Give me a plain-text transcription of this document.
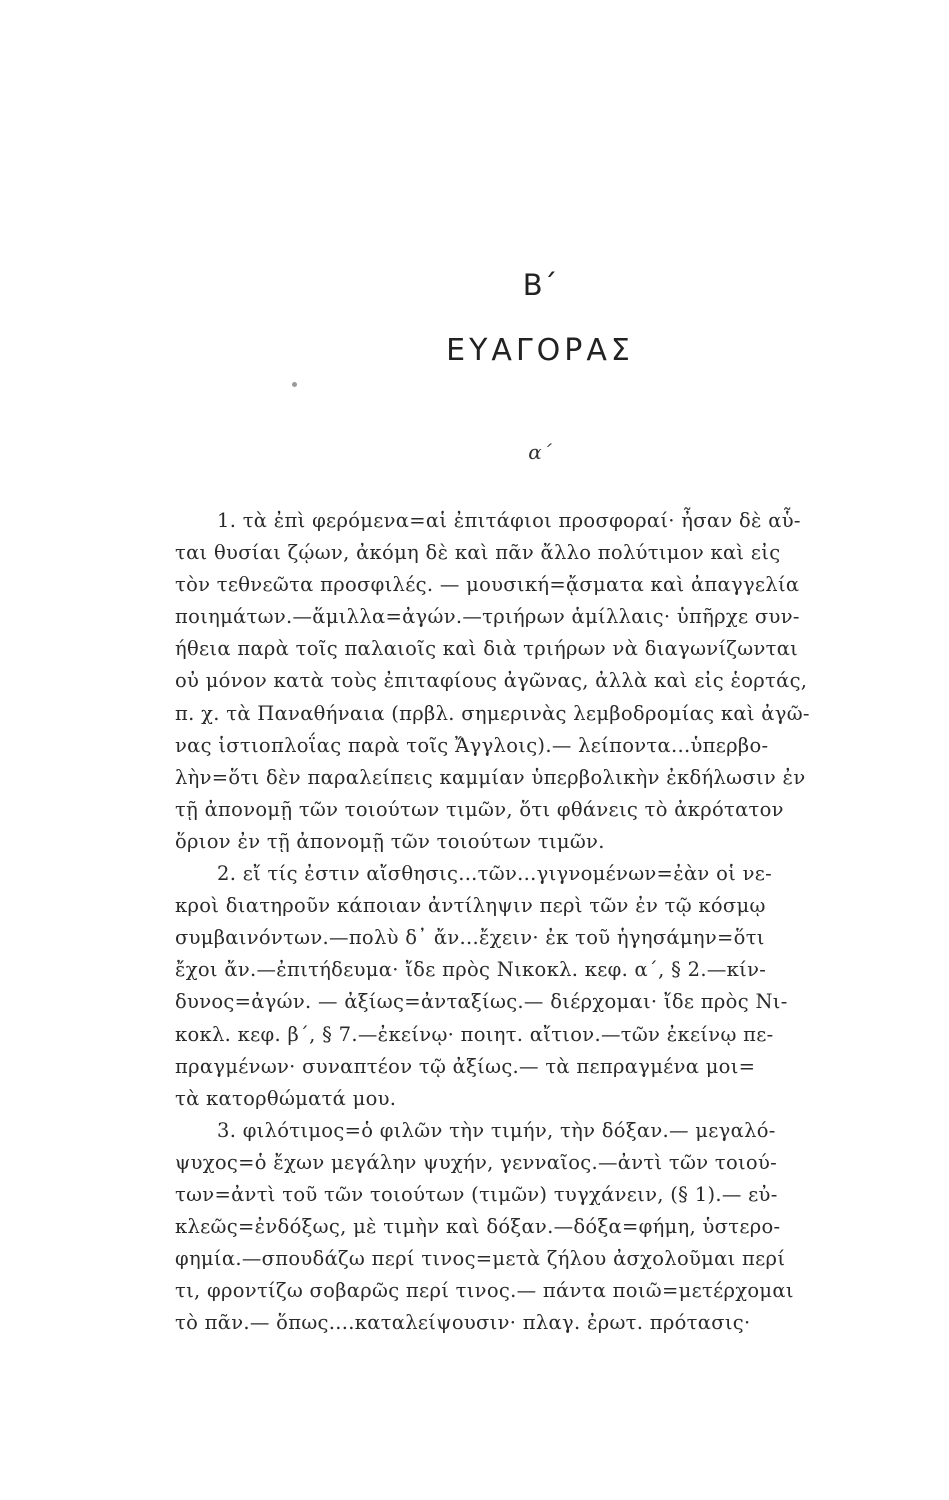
Β΄
ΕΥΑΓΟΡΑΣ
α΄
1. τὰ ἐπὶ φερόμενα=αἱ ἐπιτάφιοι προσφοραί· ἦσαν δὲ αὗ-
ται θυσίαι ζῴων, ἀκόμη δὲ καὶ πᾶν ἄλλο πολύτιμον καὶ εἰς
τὸν τεθνεῶτα προσφιλές. — μουσική=ᾄσματα καὶ ἀπαγγελία
ποιημάτων.—ἅμιλλα=ἀγών.—τριήρων ἁμίλλαις· ὑπῆρχε συν-
ήθεια παρὰ τοῖς παλαιοῖς καὶ διὰ τριήρων νὰ διαγωνίζωνται
οὐ μόνον κατὰ τοὺς ἐπιταφίους ἀγῶνας, ἀλλὰ καὶ εἰς ἑορτάς,
π. χ. τὰ Παναθήναια (πρβλ. σημερινὰς λεμβοδρομίας καὶ ἀγῶ-
νας ἱστιοπλοΐας παρὰ τοῖς Ἄγγλοις).— λείποντα...ὑπερβο-
λὴν=ὅτι δὲν παραλείπεις καμμίαν ὑπερβολικὴν ἐκδήλωσιν ἐν
τῇ ἀπονομῇ τῶν τοιούτων τιμῶν, ὅτι φθάνεις τὸ ἀκρότατον
ὅριον ἐν τῇ ἀπονομῇ τῶν τοιούτων τιμῶν.
2. εἴ τίς ἐστιν αἴσθησις...τῶν...γιγνομένων=ἐὰν οἱ νε-
κροὶ διατηροῦν κάποιαν ἀντίληψιν περὶ τῶν ἐν τῷ κόσμῳ
συμβαινόντων.—πολὺ δ᾿ ἄν...ἔχειν· ἐκ τοῦ ἡγησάμην=ὅτι
ἔχοι ἄν.—ἐπιτήδευμα· ἴδε πρὸς Νικοκλ. κεφ. α΄, § 2.—κίν-
δυνος=ἀγών. — ἀξίως=ἀνταξίως.— διέρχομαι· ἴδε πρὸς Νι-
κοκλ. κεφ. β΄, § 7.—ἐκείνῳ· ποιητ. αἴτιον.—τῶν ἐκείνῳ πε-
πραγμένων· συναπτέον τῷ ἀξίως.— τὰ πεπραγμένα μοι=
τὰ κατορθώματά μου.
3. φιλότιμος=ὁ φιλῶν τὴν τιμήν, τὴν δόξαν.— μεγαλό-
ψυχος=ὁ ἔχων μεγάλην ψυχήν, γενναῖος.—ἀντὶ τῶν τοιού-
των=ἀντὶ τοῦ τῶν τοιούτων (τιμῶν) τυγχάνειν, (§ 1).— εὐ-
κλεῶς=ἐνδόξως, μὲ τιμὴν καὶ δόξαν.—δόξα=φήμη, ὑστερο-
φημία.—σπουδάζω περί τινος=μετὰ ζήλου ἀσχολοῦμαι περί
τι, φροντίζω σοβαρῶς περί τινος.— πάντα ποιῶ=μετέρχομαι
τὸ πᾶν.— ὅπως....καταλείψουσιν· πλαγ. ἐρωτ. πρότασις·
